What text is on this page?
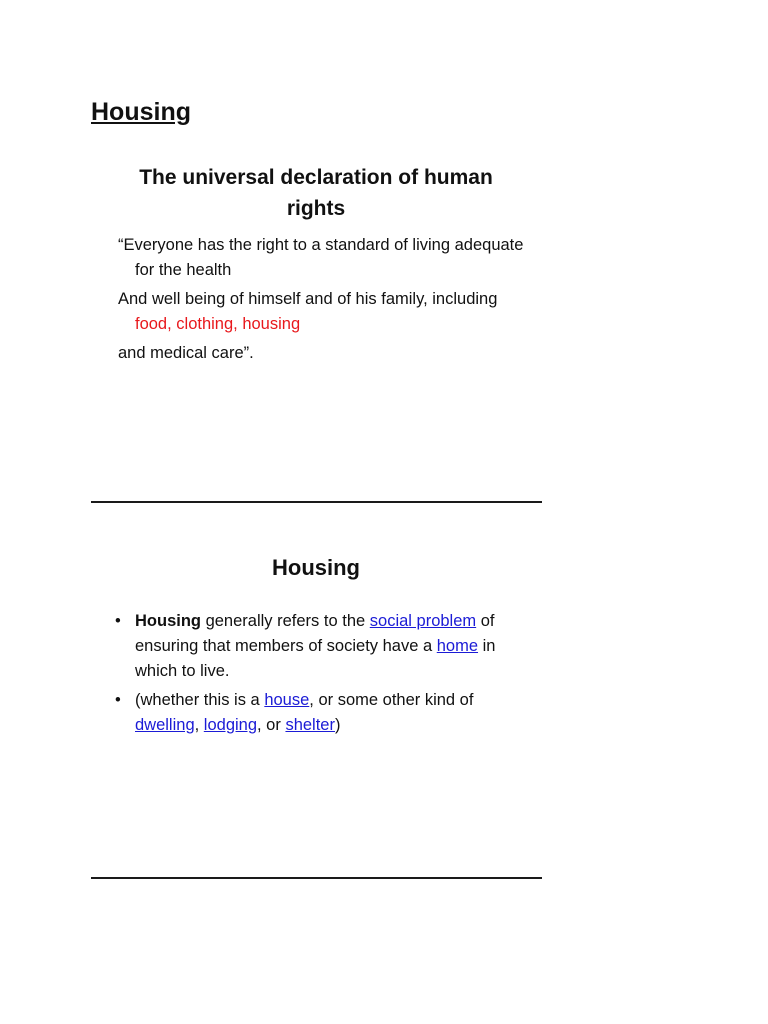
Housing
The universal declaration of human rights

“Everyone has the right to a standard of living adequate for the health

And well being of himself and of his family, including food, clothing, housing

and medical care”.

Housing
• Housing generally refers to the social problem of ensuring that members of society have a home in which to live.
• (whether this is a house, or some other kind of dwelling, lodging, or shelter)
